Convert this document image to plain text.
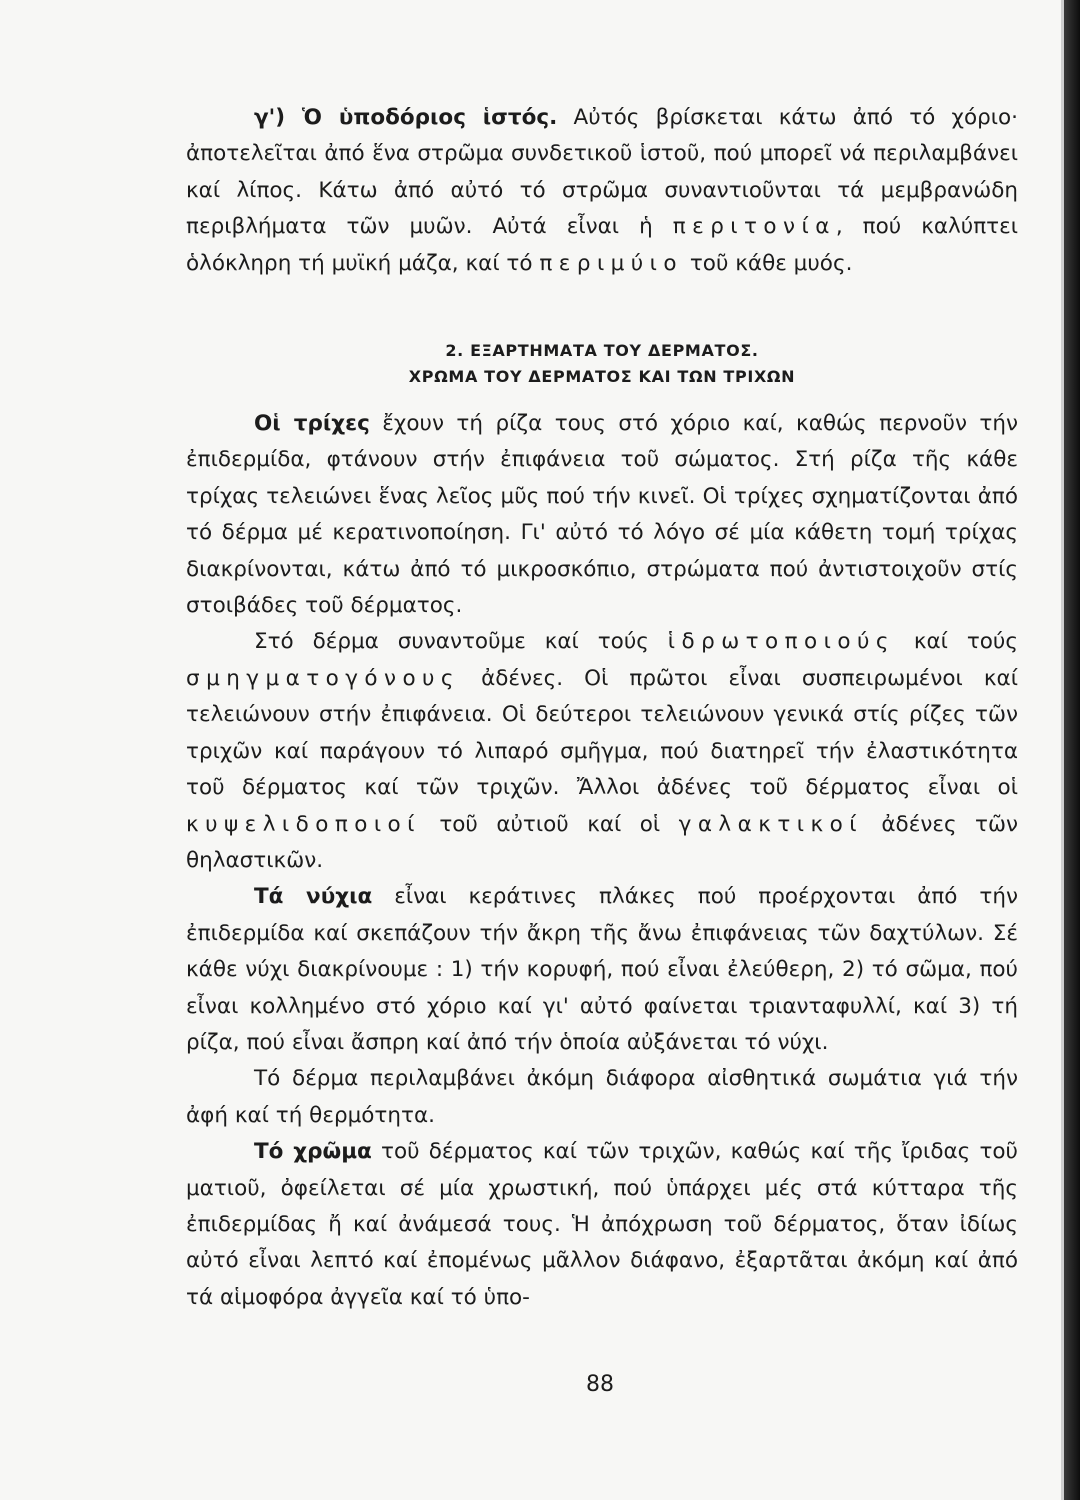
γ') Ὁ ὑποδόριος ἱστός. Αὐτός βρίσκεται κάτω ἀπό τό χόριο· ἀποτελεῖται ἀπό ἕνα στρῶμα συνδετικοῦ ἱστοῦ, πού μπορεῖ νά περιλαμβάνει καί λίπος. Κάτω ἀπό αὐτό τό στρῶμα συναντιοῦνται τά μεμβρανώδη περιβλήματα τῶν μυῶν. Αὐτά εἶναι ἡ περιτονία, πού καλύπτει ὁλόκληρη τή μυϊκή μάζα, καί τό περιμύιο τοῦ κάθε μυός.

2. ΕΞΑΡΤΗΜΑΤΑ ΤΟΥ ΔΕΡΜΑΤΟΣ.
ΧΡΩΜΑ ΤΟΥ ΔΕΡΜΑΤΟΣ ΚΑΙ ΤΩΝ ΤΡΙΧΩΝ

Οἱ τρίχες ἔχουν τή ρίζα τους στό χόριο καί, καθώς περνοῦν τήν ἐπιδερμίδα, φτάνουν στήν ἐπιφάνεια τοῦ σώματος. Στή ρίζα τῆς κάθε τρίχας τελειώνει ἕνας λεῖος μῦς πού τήν κινεῖ. Οἱ τρίχες σχηματίζονται ἀπό τό δέρμα μέ κερατινοποίηση. Γι' αὐτό τό λόγο σέ μία κάθετη τομή τρίχας διακρίνονται, κάτω ἀπό τό μικροσκόπιο, στρώματα πού ἀντιστοιχοῦν στίς στοιβάδες τοῦ δέρματος.

Στό δέρμα συναντοῦμε καί τούς ἱδρωτοποιούς καί τούς σμηγματογόνους ἀδένες. Οἱ πρῶτοι εἶναι συσπειρωμένοι καί τελειώνουν στήν ἐπιφάνεια. Οἱ δεύτεροι τελειώνουν γενικά στίς ρίζες τῶν τριχῶν καί παράγουν τό λιπαρό σμῆγμα, πού διατηρεῖ τήν ἐλαστικότητα τοῦ δέρματος καί τῶν τριχῶν. Ἄλλοι ἀδένες τοῦ δέρματος εἶναι οἱ κυψελιδοποιοί τοῦ αὐτιοῦ καί οἱ γαλακτικοί ἀδένες τῶν θηλαστικῶν.

Τά νύχια εἶναι κεράτινες πλάκες πού προέρχονται ἀπό τήν ἐπιδερμίδα καί σκεπάζουν τήν ἄκρη τῆς ἄνω ἐπιφάνειας τῶν δαχτύλων. Σέ κάθε νύχι διακρίνουμε : 1) τήν κορυφή, πού εἶναι ἐλεύθερη, 2) τό σῶμα, πού εἶναι κολλημένο στό χόριο καί γι' αὐτό φαίνεται τριανταφυλλί, καί 3) τή ρίζα, πού εἶναι ἄσπρη καί ἀπό τήν ὁποία αὐξάνεται τό νύχι.

Τό δέρμα περιλαμβάνει ἀκόμη διάφορα αἰσθητικά σωμάτια γιά τήν ἀφή καί τή θερμότητα.

Τό χρῶμα τοῦ δέρματος καί τῶν τριχῶν, καθώς καί τῆς ἴριδας τοῦ ματιοῦ, ὀφείλεται σέ μία χρωστική, πού ὑπάρχει μές στά κύτταρα τῆς ἐπιδερμίδας ἤ καί ἀνάμεσά τους. Ἡ ἀπόχρωση τοῦ δέρματος, ὅταν ἰδίως αὐτό εἶναι λεπτό καί ἐπομένως μᾶλλον διάφανο, ἐξαρτᾶται ἀκόμη καί ἀπό τά αἱμοφόρα ἀγγεῖα καί τό ὑπο-

88
